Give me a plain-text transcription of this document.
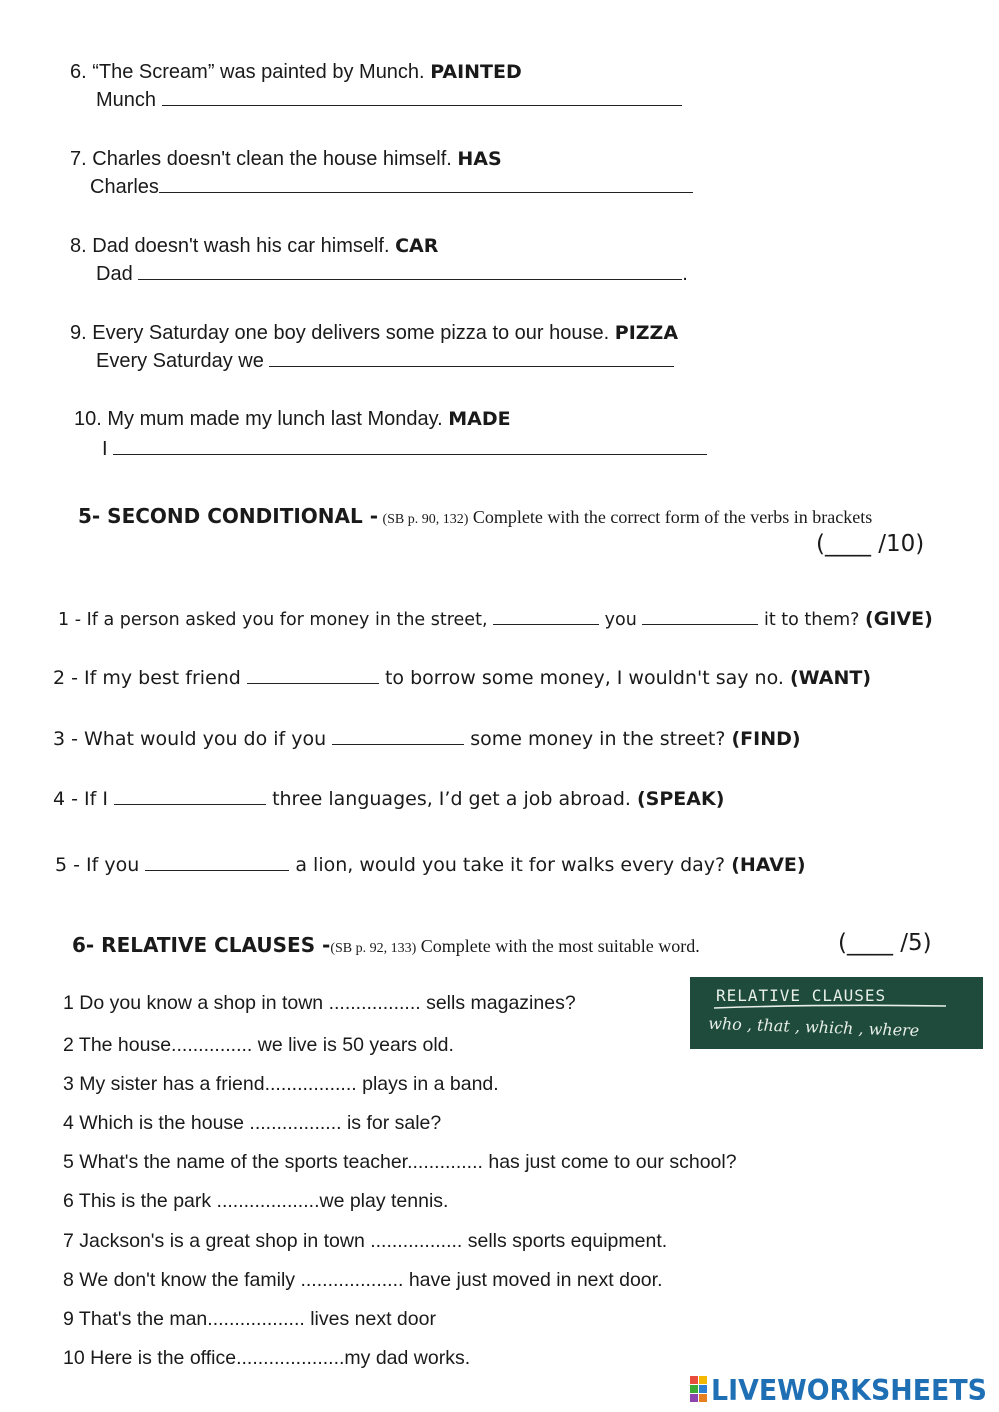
6. “The Scream” was painted by Munch. PAINTED
Munch
7. Charles doesn't clean the house himself. HAS
Charles
8. Dad doesn't wash his car himself. CAR
Dad	.
9. Every Saturday one boy delivers some pizza to our house. PIZZA
Every Saturday we
10. My mum made my lunch last Monday. MADE
I
5- SECOND CONDITIONAL - (SB p. 90, 132) Complete with the correct form of the verbs in brackets
(____ /10)
1 - If a person asked you for money in the street,	you	it to them? (GIVE)
2 - If my best friend	to borrow some money, I wouldn't say no. (WANT)
3 - What would you do if you	some money in the street? (FIND)
4 - If I	three languages, I’d get a job abroad. (SPEAK)
5 - If you	a lion, would you take it for walks every day? (HAVE)
6- RELATIVE CLAUSES -(SB p. 92, 133) Complete with the most suitable word.	(____ /5)
RELATIVE CLAUSES
who , that , which , where
1 Do you know a shop in town ................. sells magazines?
2 The house............... we live is 50 years old.
3 My sister has a friend................. plays in a band.
4 Which is the house ................. is for sale?
5 What's the name of the sports teacher.............. has just come to our school?
6 This is the park ...................we play tennis.
7 Jackson's is a great shop in town ................. sells sports equipment.
8 We don't know the family ................... have just moved in next door.
9 That's the man.................. lives next door
10 Here is the office....................my dad works.
LIVEWORKSHEETS
